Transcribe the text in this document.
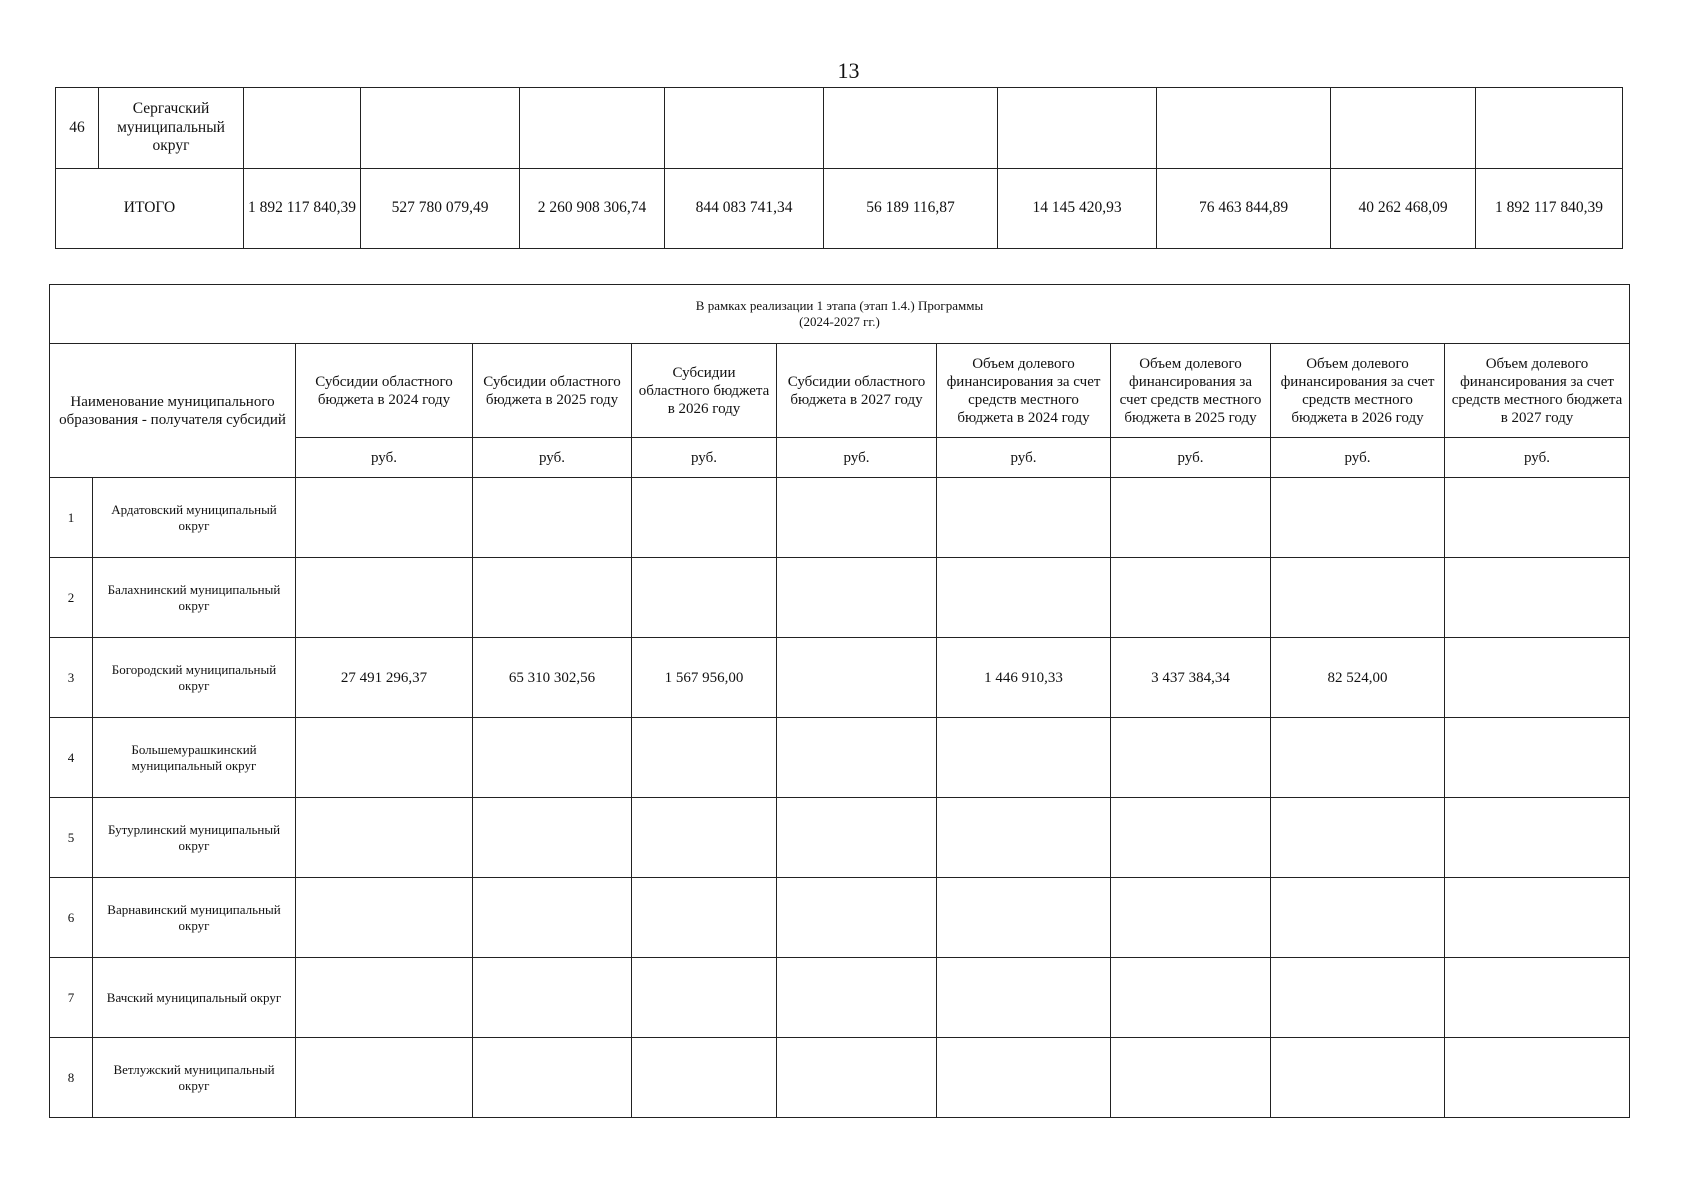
13
46	Сергачский муниципальный округ									
ИТОГО		1 892 117 840,39	527 780 079,49	2 260 908 306,74	844 083 741,34	56 189 116,87	14 145 420,93	76 463 844,89	40 262 468,09	1 892 117 840,39
В рамках реализации 1 этапа (этап 1.4.) Программы
(2024-2027 гг.)									

Наименование муниципального образования - получателя субсидий		Субсидии областного бюджета в 2024 году	Субсидии областного бюджета в 2025 году	Субсидии областного бюджета в 2026 году	Субсидии областного бюджета в 2027 году	Объем долевого финансирования за счет средств местного бюджета в 2024 году	Объем долевого финансирования за счет средств местного бюджета в 2025 году	Объем долевого финансирования за счет средств местного бюджета в 2026 году	Объем долевого финансирования за счет средств местного бюджета в 2027 году
		руб.	руб.	руб.	руб.	руб.	руб.	руб.	руб.
1	Ардатовский муниципальный округ								
2	Балахнинский муниципальный округ								
3	Богородский муниципальный округ	27 491 296,37	65 310 302,56	1 567 956,00		1 446 910,33	3 437 384,34	82 524,00	
4	Большемурашкинский муниципальный округ								
5	Бутурлинский муниципальный округ								
6	Варнавинский муниципальный округ								
7	Вачский муниципальный округ								
8	Ветлужский муниципальный округ								
